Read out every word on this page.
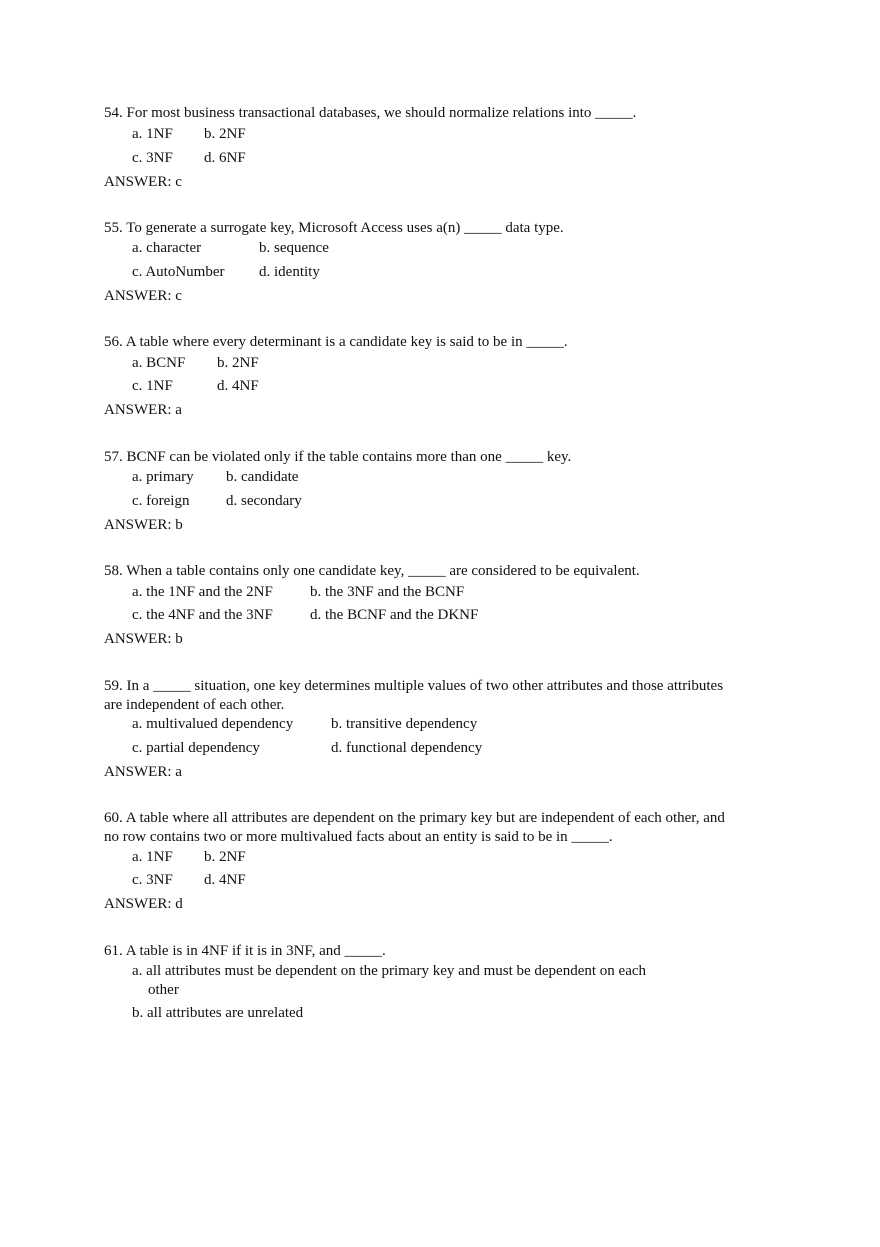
54. For most business transactional databases, we should normalize relations into _____.
a. 1NF b. 2NF
c. 3NF d. 6NF
ANSWER: c
55. To generate a surrogate key, Microsoft Access uses a(n) _____ data type.
a. character	b. sequence
c. AutoNumber d. identity
ANSWER: c
56. A table where every determinant is a candidate key is said to be in _____.
a. BCNF b. 2NF
c. 1NF	d. 4NF
ANSWER: a
57. BCNF can be violated only if the table contains more than one _____ key.
a. primary b. candidate
c. foreign d. secondary
ANSWER: b
58. When a table contains only one candidate key, _____ are considered to be equivalent.
a. the 1NF and the 2NF b. the 3NF and the BCNF
c. the 4NF and the 3NF d. the BCNF and the DKNF
ANSWER: b
59. In a _____ situation, one key determines multiple values of two other attributes and those attributes
are independent of each other.
a. multivalued dependency	b. transitive dependency
c. partial dependency	d. functional dependency
ANSWER: a
60. A table where all attributes are dependent on the primary key but are independent of each other, and
no row contains two or more multivalued facts about an entity is said to be in _____.
a. 1NF b. 2NF
c. 3NF d. 4NF
ANSWER: d
61. A table is in 4NF if it is in 3NF, and _____.
a. all attributes must be dependent on the primary key and must be dependent on each
other
b. all attributes are unrelated
